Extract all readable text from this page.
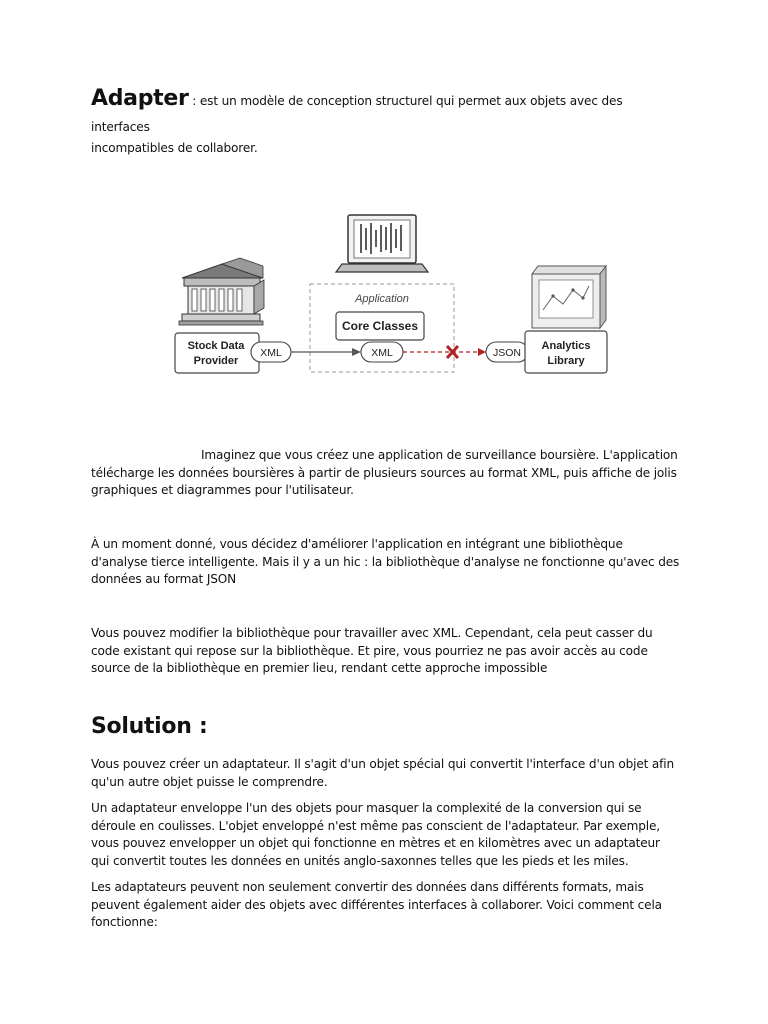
Adapter : est un modèle de conception structurel qui permet aux objets avec des interfaces
incompatibles de collaborer.

Application
Core Classes
Stock Data
Provider
XML	XML	JSON
Analytics
Library

Imaginez que vous créez une application de surveillance boursière. L'application télécharge les données boursières à partir de plusieurs sources au format XML, puis affiche de jolis graphiques et diagrammes pour l'utilisateur.

À un moment donné, vous décidez d'améliorer l'application en intégrant une bibliothèque d'analyse tierce intelligente. Mais il y a un hic : la bibliothèque d'analyse ne fonctionne qu'avec des données au format JSON

Vous pouvez modifier la bibliothèque pour travailler avec XML. Cependant, cela peut casser du code existant qui repose sur la bibliothèque. Et pire, vous pourriez ne pas avoir accès au code source de la bibliothèque en premier lieu, rendant cette approche impossible

Solution :

Vous pouvez créer un adaptateur. Il s'agit d'un objet spécial qui convertit l'interface d'un objet afin qu'un autre objet puisse le comprendre.

Un adaptateur enveloppe l'un des objets pour masquer la complexité de la conversion qui se déroule en coulisses. L'objet enveloppé n'est même pas conscient de l'adaptateur. Par exemple, vous pouvez envelopper un objet qui fonctionne en mètres et en kilomètres avec un adaptateur qui convertit toutes les données en unités anglo-saxonnes telles que les pieds et les miles.

Les adaptateurs peuvent non seulement convertir des données dans différents formats, mais peuvent également aider des objets avec différentes interfaces à collaborer. Voici comment cela fonctionne:
